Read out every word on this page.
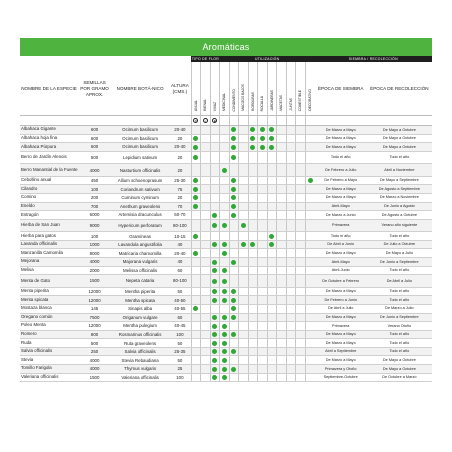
Aromáticas
				TIPO DE FLOR			UTILIZACIÓN										SIEMBRA / RECOLECCIÓN	
NOMBRE DE LA ESPECIE	SEMILLAS POR GRAMO APROX.	NOMBRE BOTÁ-NICO	ALTURA (CMS.)	ANUAL	BIENAL	VIVAZ	MEDICINAL	CONDIMENTO	MACIZOS BAJOS	BORDURAS	ROCALLA	JARDINERAS	MACETAS	JUNTAS	COMESTIBLE	DECORATIVO	ÉPOCA DE SIEMBRA	ÉPOCA DE RECOLECCIÓN
				☀	◐	♣												
Albahaca Gigante	600	Ocimum basilicum	20-40														De Marzo a Mayo	De Mayo a Octubre
Albahaca hoja fina	600	Ocimum basilicum	20														De Marzo a Mayo	De Mayo a Octubre
Albahaca Púrpura	600	Ocimum basilicum	20-40														De Marzo a Mayo	De Mayo a Octubre
Berro de Jardín Alenois	500	Lepidium sativum	20														Todo el año	Todo el año
Berro Manantial de la Fuente	4000	Nasturtium officinalis	20														De Febrero a Julio	Abril a Noviembre
Cebollino anual	450	Allium schoenoprasum	25-30														De Febrero a Mayo	De Mayo a Septiembre
Cilandro	100	Coriandrum sativum	75														De Marzo a Mayo	De Agosto a Septiembre
Comino	200	Cuminum cyminum	20														De Marzo a Mayo	De Marzo a Noviembre
Eneldo	700	Anethum graveolens	70														Abril-Mayo	De Junio a Agosto
Estragón	6000	Artemisia dracunculus	60-70														De Marzo a Junio	De Agosto a Octubre
Hierba de San Juan	9000	Hypericum perforatum	80-100														Primavera	Verano año siguiente
Hierba para gatos	100	Gramíneas	10-15														Todo el año	Todo el año
Lavanda officinalis	1000	Lavandula angustifolia	40														De Abril a Junio	De Julio a Octubre
Manzanilla Camomila	8000	Matricaria chamomilla	20-40														De Marzo a Mayo	De Mayo a Julio
Mejorana	4000	Majorana vulgaris	40														Abril-Mayo	De Junio a Septiembre
Melisa	2000	Melissa officinalis	60														Abril-Junio	Todo el año
Menta de Gato	1500	Nepeta cataria	80-100														De Octubre a Febrero	De Abril a Julio
Menta piperita	12000	Mentha piperita	50														De Marzo a Mayo	Todo el año
Menta spicata	12000	Mentha spicata	40-50														De Febrero a Junio	Todo el año
Mostaza blanca	145	Sinapis alba	40-55														De Abril a Julio	De Marzo a Julio
Oregano común	7500	Origanum vulgare	60														De Marzo a Mayo	De Junio a Septiembre
Poleo Menta	12000	Mentha pulegium	40-45														Primavera	Verano Otoño
Romero	800	Rosmarinus officinalis	100														De Marzo a Mayo	Todo el año
Ruda	500	Ruta graveolens	50														De Marzo a Mayo	Todo el año
Salvia officinalis	250	Salvia officinalis	25-35														Abril a Septiembre	Todo el año
Stevia	4000	Stevia Rebaudiana	50														De Marzo a Mayo	De Mayo a Octubre
Tomillo Farigola	4000	Thymus vulgaris	25														Primavera y Otoño	De Mayo a Octubre
Valeriana officinalis	1500	Valeriana officinalis	100														Septiembre-Octubre	De Octubre a Marzo
